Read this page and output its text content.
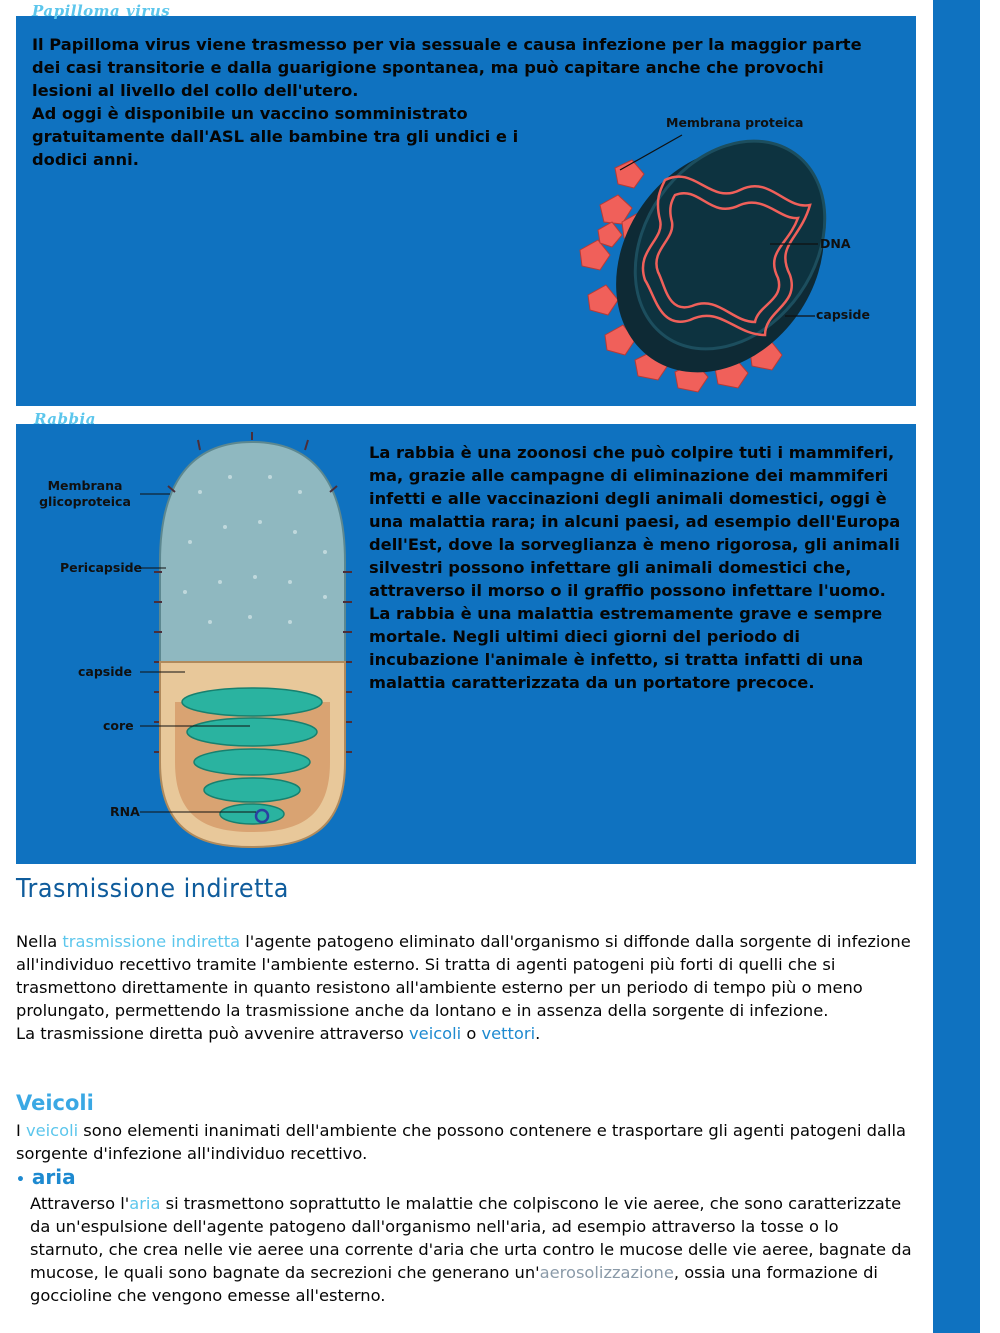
Papilloma virus

Il Papilloma virus viene trasmesso per via sessuale e causa infezione per la maggior parte dei casi transitorie e dalla guarigione spontanea, ma può capitare anche che provochi lesioni al livello del collo dell'utero.

Ad oggi è disponibile un vaccino somministrato gratuitamente dall'ASL alle bambine tra gli undici e i dodici anni.

Membrana proteica
DNA
capside
Rabbia
Membrana glicoproteica
Pericapside
capside
core
RNA

La rabbia è una zoonosi che può colpire tuti i mammiferi, ma, grazie alle campagne di eliminazione dei mammiferi infetti e alle vaccinazioni degli animali domestici, oggi è una malattia rara; in alcuni paesi, ad esempio dell'Europa dell'Est, dove la sorveglianza è meno rigorosa, gli animali silvestri possono infettare gli animali domestici che, attraverso il morso o il graffio possono infettare l'uomo.

La rabbia è una malattia estremamente grave e sempre mortale. Negli ultimi dieci giorni del periodo di incubazione l'animale è infetto, si tratta infatti di una malattia caratterizzata da un portatore precoce.

Trasmissione indiretta

Nella trasmissione indiretta l'agente patogeno eliminato dall'organismo si diffonde dalla sorgente di infezione all'individuo recettivo tramite l'ambiente esterno. Si tratta di agenti patogeni più forti di quelli che si trasmettono direttamente in quanto resistono all'ambiente esterno per un periodo di tempo più o meno prolungato, permettendo la trasmissione anche da lontano e in assenza della sorgente di infezione.

La trasmissione diretta può avvenire attraverso veicoli o vettori.

Veicoli

I veicoli sono elementi inanimati dell'ambiente che possono contenere e trasportare gli agenti patogeni dalla sorgente d'infezione all'individuo recettivo.

• aria

Attraverso l'aria si trasmettono soprattutto le malattie che colpiscono le vie aeree, che sono caratterizzate da un'espulsione dell'agente patogeno dall'organismo nell'aria, ad esempio attraverso la tosse o lo starnuto, che crea nelle vie aeree una corrente d'aria che urta contro le mucose delle vie aeree, bagnate da mucose, le quali sono bagnate da secrezioni che generano un'aerosolizzazione, ossia una formazione di goccioline che vengono emesse all'esterno.
